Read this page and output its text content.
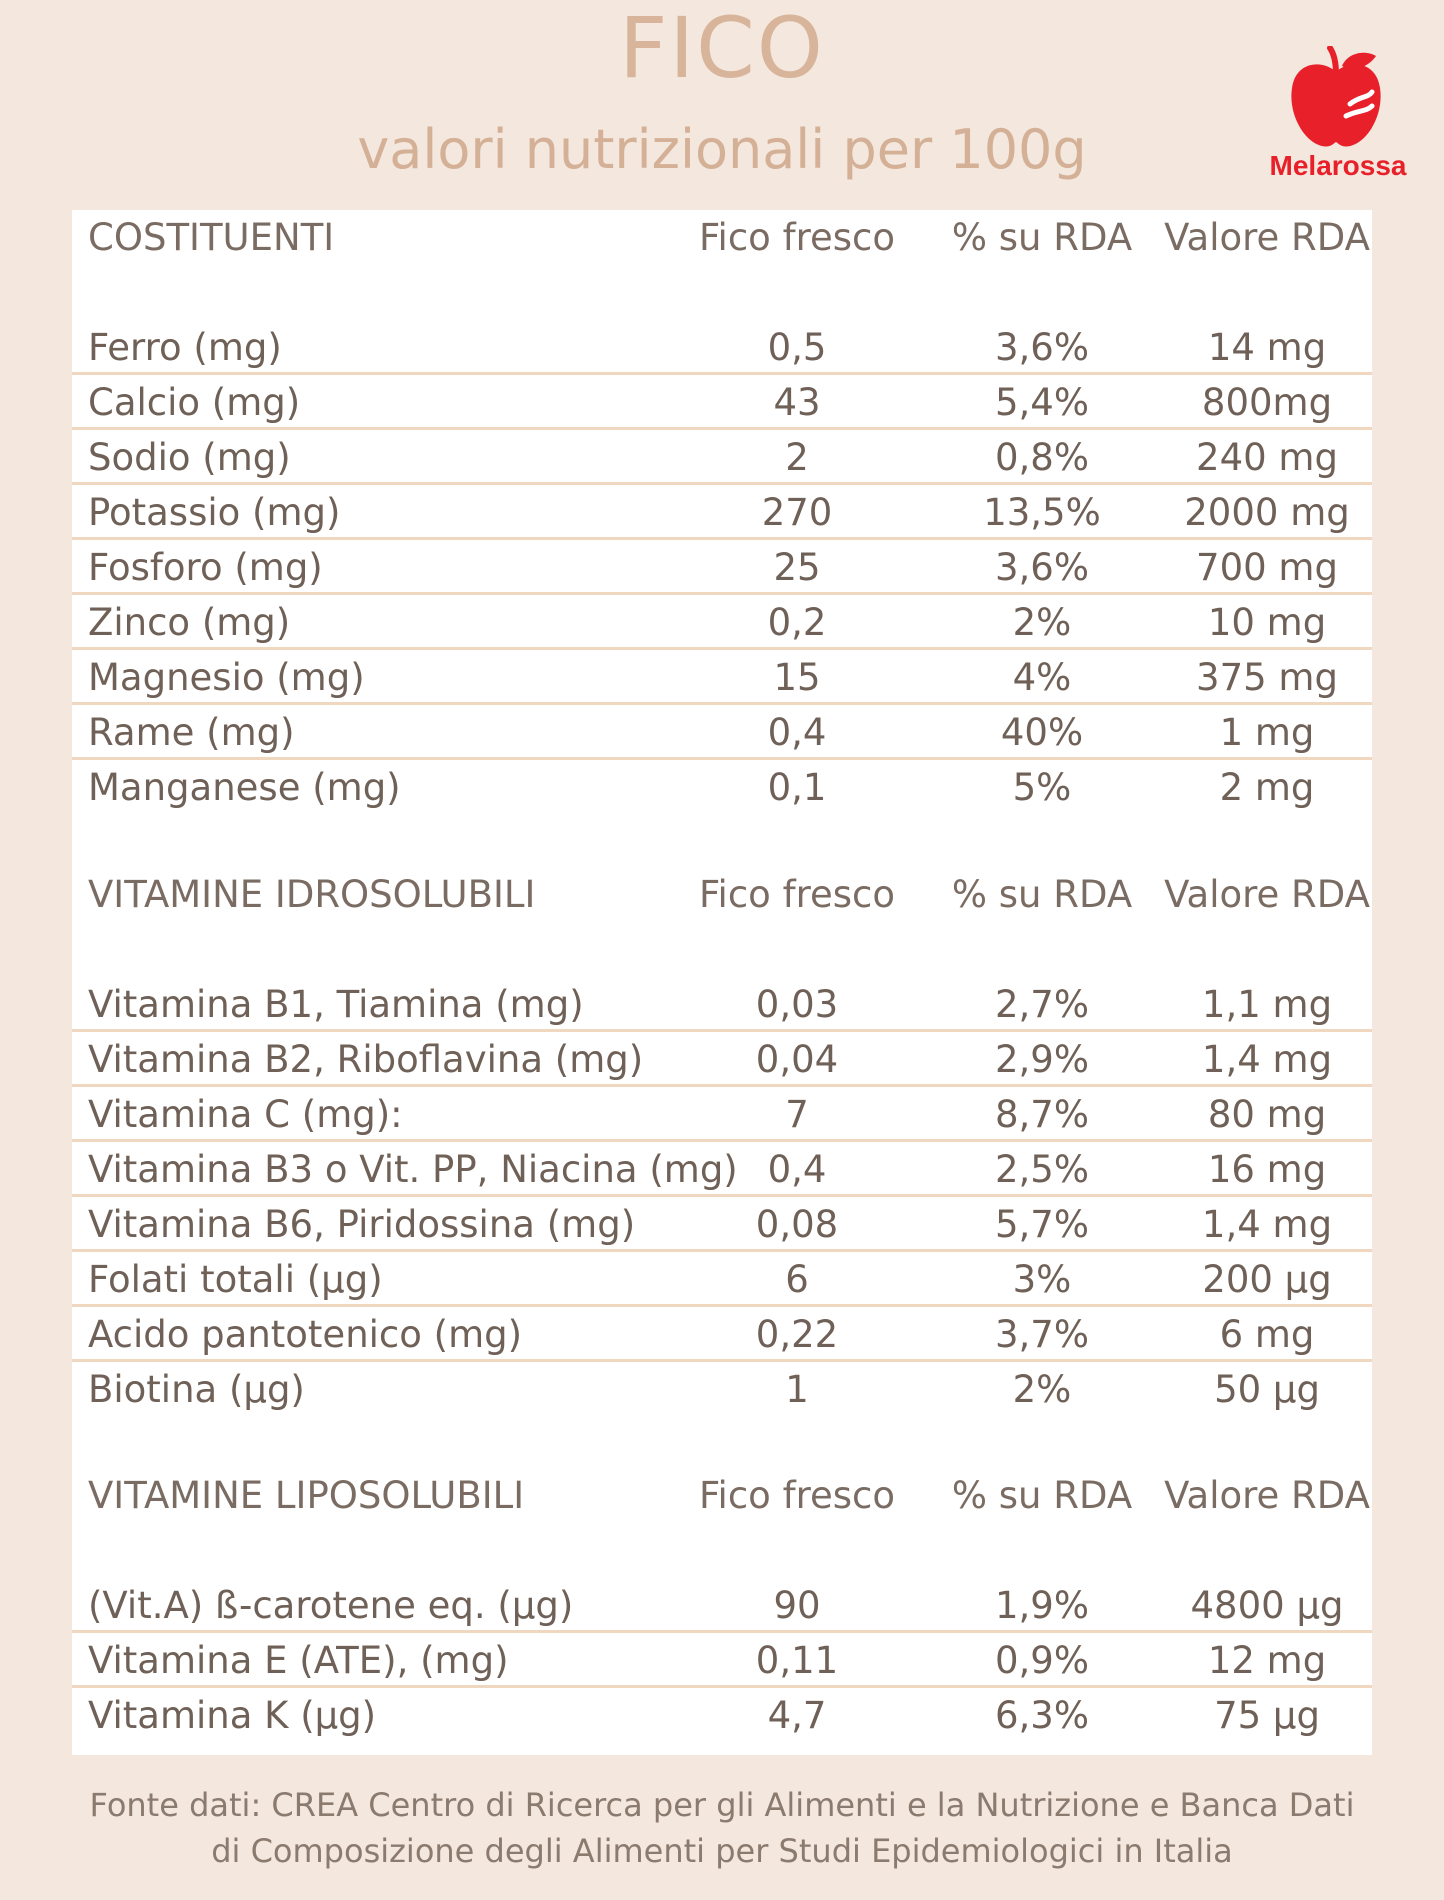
FICO
valori nutrizionali per 100g	Melarossa
COSTITUENTI	Fico fresco	% su RDA Valore RDA
Ferro (mg)	0,5	3,6%	14 mg
Calcio (mg)	43	5,4%	800mg
Sodio (mg)	2	0,8%	240 mg
Potassio (mg)	270	13,5%	2000 mg
Fosforo (mg)	25	3,6%	700 mg
Zinco (mg)	0,2	2%	10 mg
Magnesio (mg)	15	4%	375 mg
Rame (mg)	0,4	40%	1 mg
Manganese (mg)	0,1	5%	2 mg
VITAMINE IDROSOLUBILI	Fico fresco	% su RDA Valore RDA
Vitamina B1, Tiamina (mg)	0,03	2,7%	1,1 mg
Vitamina B2, Riboflavina (mg)	0,04	2,9%	1,4 mg
Vitamina C (mg):	7	8,7%	80 mg
Vitamina B3 o Vit. PP, Niacina (mg) 0,4	2,5%	16 mg
Vitamina B6, Piridossina (mg)	0,08	5,7%	1,4 mg
Folati totali (µg)	6	3%	200 µg
Acido pantotenico (mg)	0,22	3,7%	6 mg
Biotina (µg)	1	2%	50 µg
VITAMINE LIPOSOLUBILI	Fico fresco	% su RDA Valore RDA
(Vit.A) ß-carotene eq. (µg)	90	1,9%	4800 µg
Vitamina E (ATE), (mg)	0,11	0,9%	12 mg
Vitamina K (µg)	4,7	6,3%	75 µg
Fonte dati: CREA Centro di Ricerca per gli Alimenti e la Nutrizione e Banca Dati
di Composizione degli Alimenti per Studi Epidemiologici in Italia
